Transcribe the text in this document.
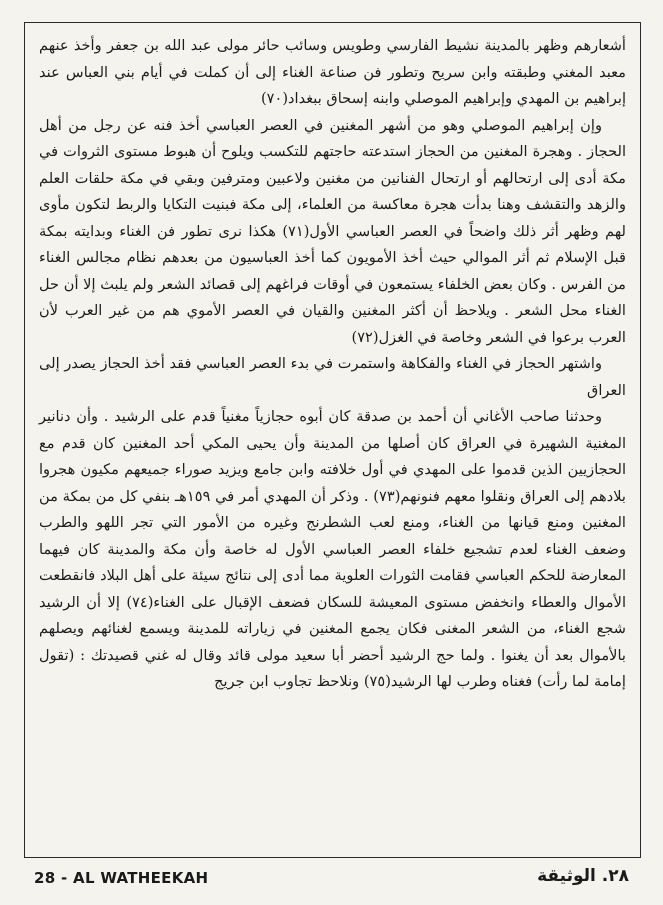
أشعارهم وظهر بالمدينة نشيط الفارسي وطويس وسائب حائر مولى عبد الله بن جعفر وأخذ عنهم معبد المغني وطبقته وابن سريح وتطور فن صناعة الغناء إلى أن كملت في أيام بني العباس عند إبراهيم بن المهدي وإبراهيم الموصلي وابنه إسحاق ببغداد(٧٠)

وإن إبراهيم الموصلي وهو من أشهر المغنين في العصر العباسي أخذ فنه عن رجل من أهل الحجاز . وهجرة المغنين من الحجاز استدعته حاجتهم للتكسب ويلوح أن هبوط مستوى الثروات في مكة أدى إلى ارتحالهم أو ارتحال الفنانين من مغنين ولاعبين ومترفين وبقي في مكة حلقات العلم والزهد والتقشف وهنا بدأت هجرة معاكسة من العلماء، إلى مكة فبنيت التكايا والربط لتكون مأوى لهم وظهر أثر ذلك واضحاً في العصر العباسي الأول(٧١) هكذا نرى تطور فن الغناء وبدايته بمكة قبل الإسلام ثم أثر الموالي حيث أخذ الأمويون كما أخذ العباسيون من بعدهم نظام مجالس الغناء من الفرس . وكان بعض الخلفاء يستمعون في أوقات فراغهم إلى قصائد الشعر ولم يلبث إلا أن حل الغناء محل الشعر . ويلاحظ أن أكثر المغنين والقيان في العصر الأموي هم من غير العرب لأن العرب برعوا في الشعر وخاصة في الغزل(٧٢)

واشتهر الحجاز في الغناء والفكاهة واستمرت في بدء العصر العباسي فقد أخذ الحجاز يصدر إلى العراق

وحدثنا صاحب الأغاني أن أحمد بن صدقة كان أبوه حجازياً مغنياً قدم على الرشيد . وأن دنانير المغنية الشهيرة في العراق كان أصلها من المدينة وأن يحيى المكي أحد المغنين كان قدم مع الحجازيين الذين قدموا على المهدي في أول خلافته وابن جامع ويزيد صوراء جميعهم مكيون هجروا بلادهم إلى العراق ونقلوا معهم فنونهم(٧٣) . وذكر أن المهدي أمر في ١٥٩هـ بنفي كل من بمكة من المغنين ومنع قيانها من الغناء، ومنع لعب الشطرنج وغيره من الأمور التي تجر اللهو والطرب وضعف الغناء لعدم تشجيع خلفاء العصر العباسي الأول له خاصة وأن مكة والمدينة كان فيهما المعارضة للحكم العباسي فقامت الثورات العلوية مما أدى إلى نتائج سيئة على أهل البلاد فانقطعت الأموال والعطاء وانخفض مستوى المعيشة للسكان فضعف الإقبال على الغناء(٧٤) إلا أن الرشيد شجع الغناء، من الشعر المغنى فكان يجمع المغنين في زياراته للمدينة ويسمع لغنائهم ويصلهم بالأموال بعد أن يغنوا . ولما حج الرشيد أحضر أبا سعيد مولى قائد وقال له غني قصيدتك : (تقول إمامة لما رأت) فغناه وطرب لها الرشيد(٧٥) ونلاحظ تجاوب ابن جريج

28 - AL WATHEEKAH	٢٨. الوثيقة
